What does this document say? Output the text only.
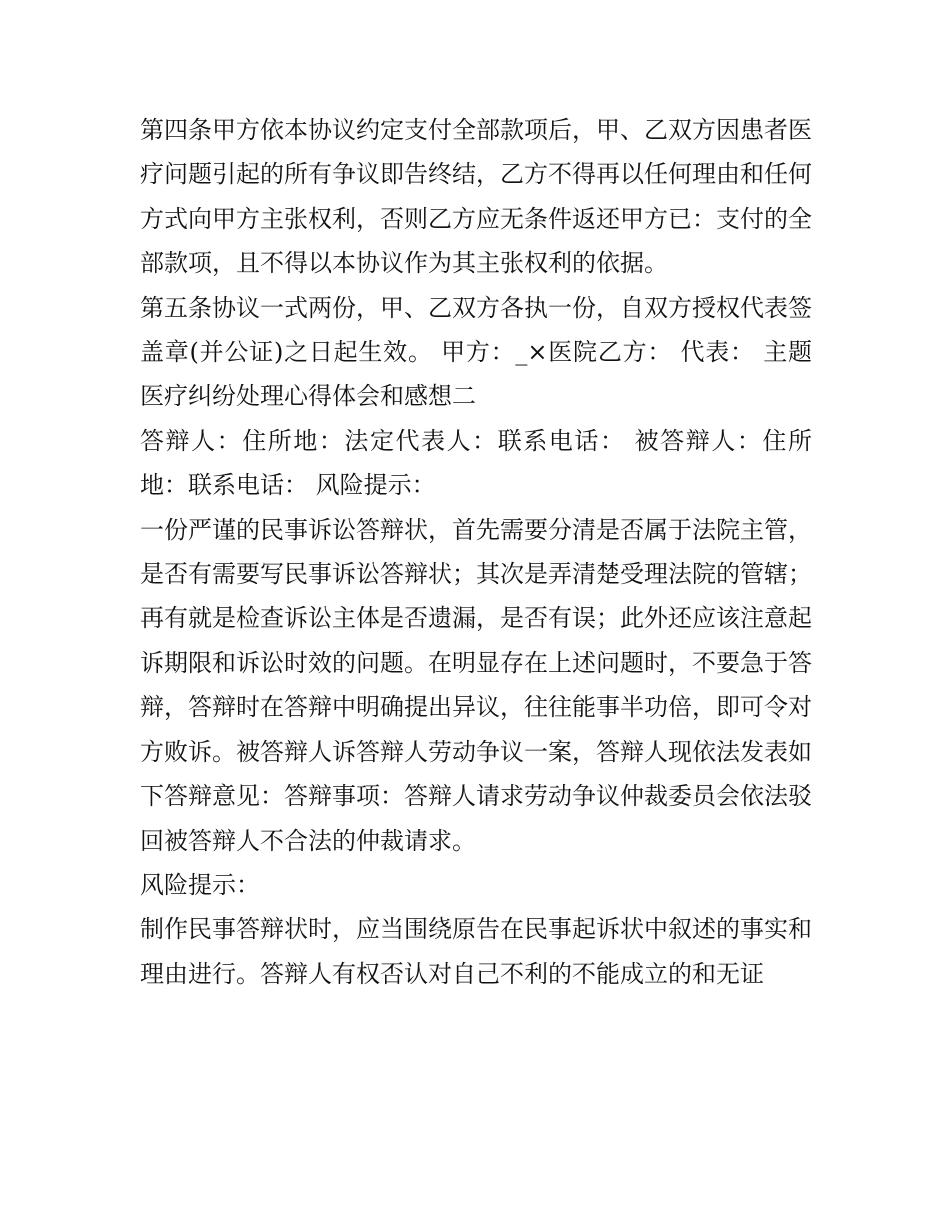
第四条甲方依本协议约定支付全部款项后，甲、乙双方因患者医疗问题引起的所有争议即告终结，乙方不得再以任何理由和任何方式向甲方主张权利，否则乙方应无条件返还甲方已：支付的全部款项，且不得以本协议作为其主张权利的依据。

第五条协议一式两份，甲、乙双方各执一份，自双方授权代表签盖章(并公证)之日起生效。 甲方：_×医院乙方： 代表： 主题医疗纠纷处理心得体会和感想二

答辩人：住所地：法定代表人：联系电话： 被答辩人：住所地：联系电话： 风险提示：

一份严谨的民事诉讼答辩状，首先需要分清是否属于法院主管，是否有需要写民事诉讼答辩状；其次是弄清楚受理法院的管辖；再有就是检查诉讼主体是否遗漏，是否有误；此外还应该注意起诉期限和诉讼时效的问题。在明显存在上述问题时，不要急于答辩，答辩时在答辩中明确提出异议，往往能事半功倍，即可令对方败诉。被答辩人诉答辩人劳动争议一案，答辩人现依法发表如下答辩意见：答辩事项：答辩人请求劳动争议仲裁委员会依法驳回被答辩人不合法的仲裁请求。

风险提示：

制作民事答辩状时，应当围绕原告在民事起诉状中叙述的事实和理由进行。答辩人有权否认对自己不利的不能成立的和无证
